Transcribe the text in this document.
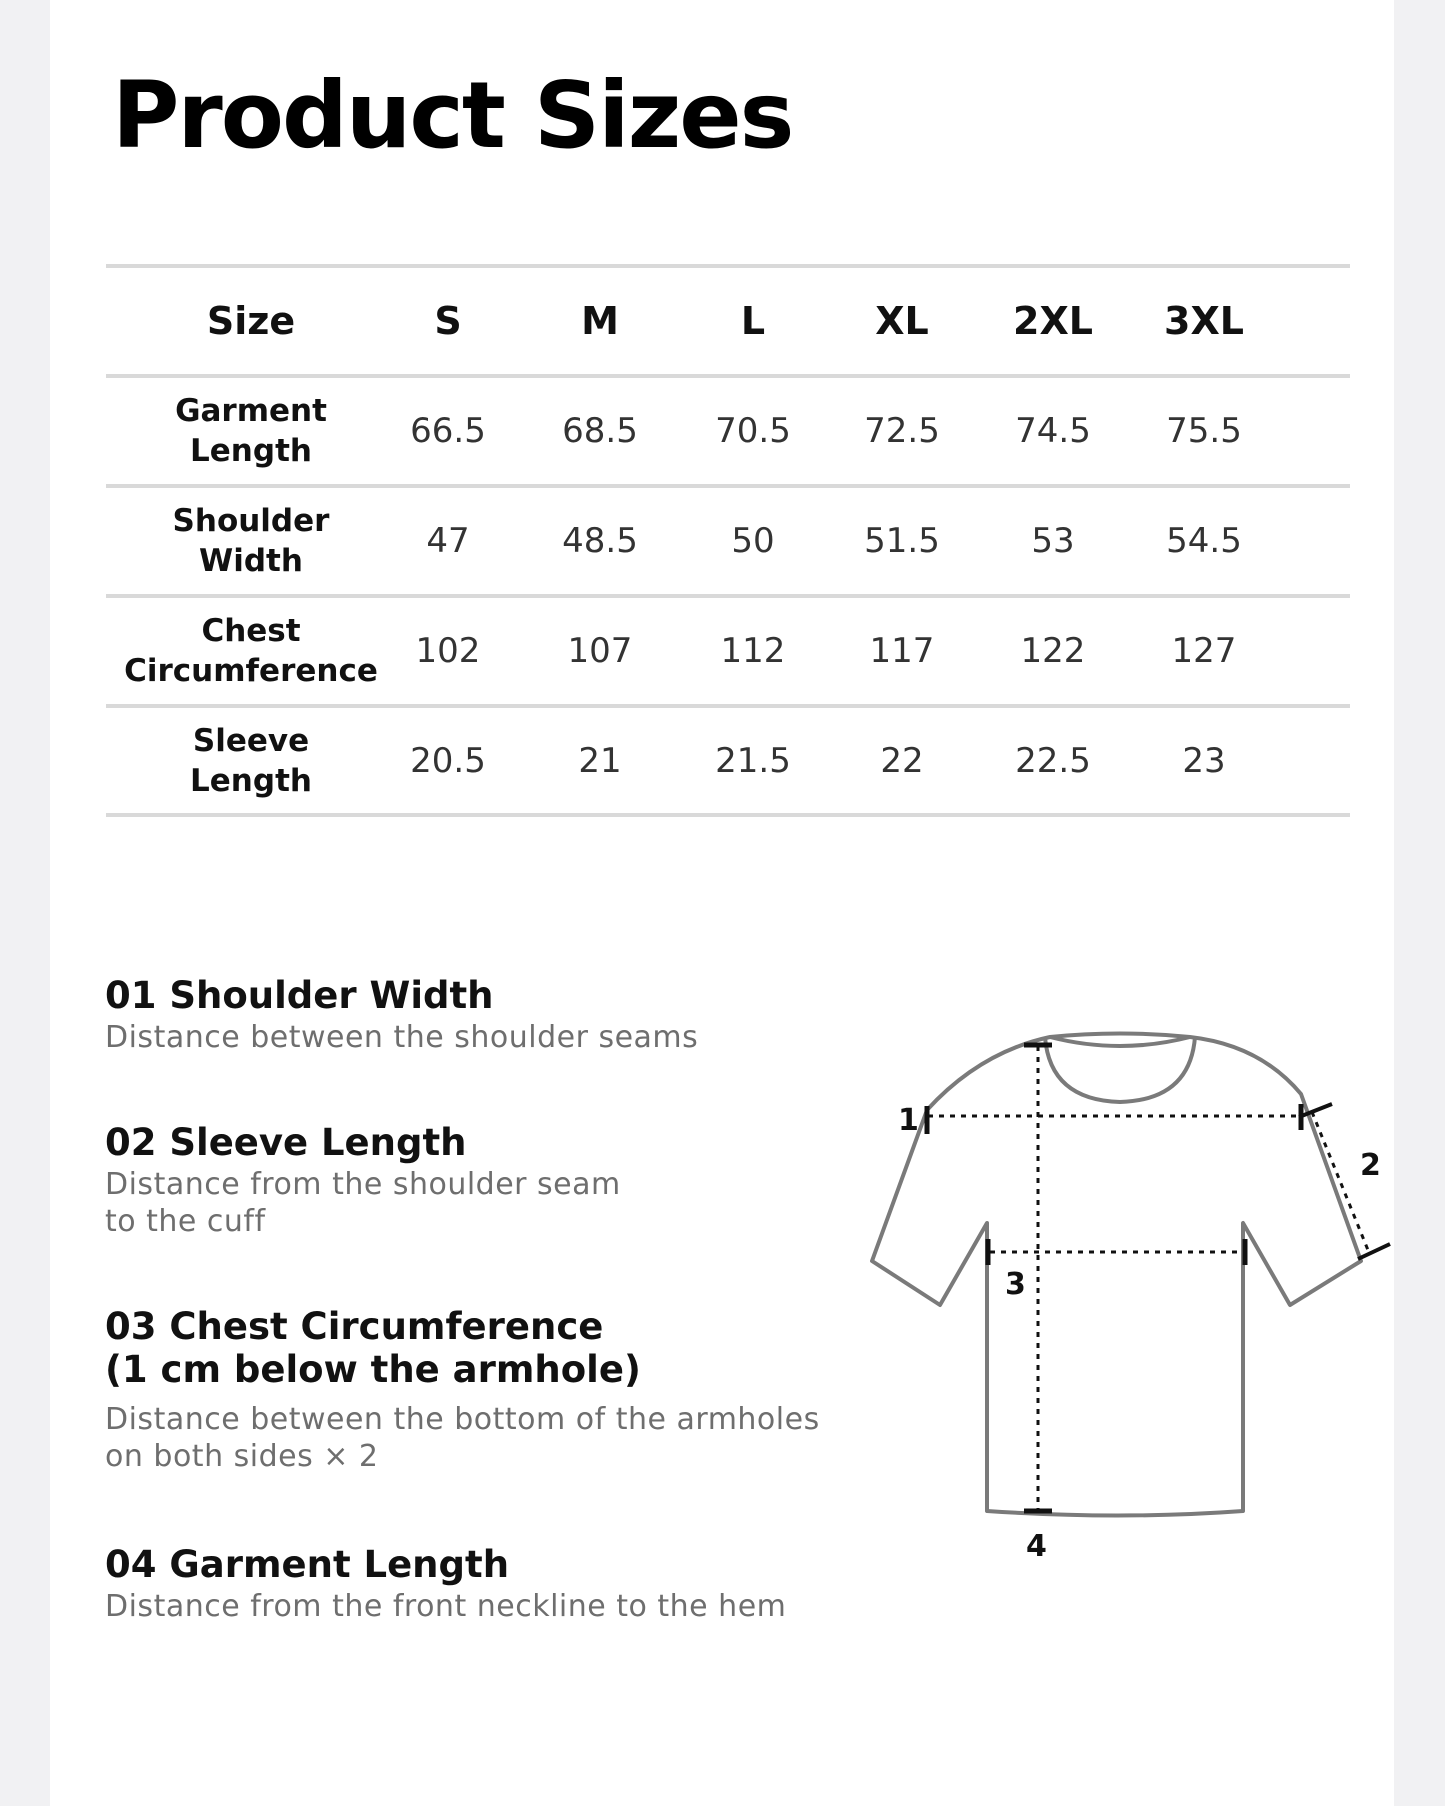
Product Sizes
Size	S	M	L	XL	2XL	3XL
Garment
Length	66.5	68.5	70.5	72.5	74.5	75.5
Shoulder
Width	47	48.5	50	51.5	53	54.5
Chest
Circumference	102	107	112	117	122	127
Sleeve
Length	20.5	21	21.5	22	22.5	23
01 Shoulder Width
Distance between the shoulder seams
02 Sleeve Length
Distance from the shoulder seam
to the cuff
03 Chest Circumference
(1 cm below the armhole)
Distance between the bottom of the armholes
on both sides × 2
04 Garment Length
Distance from the front neckline to the hem
1
2
3
4
